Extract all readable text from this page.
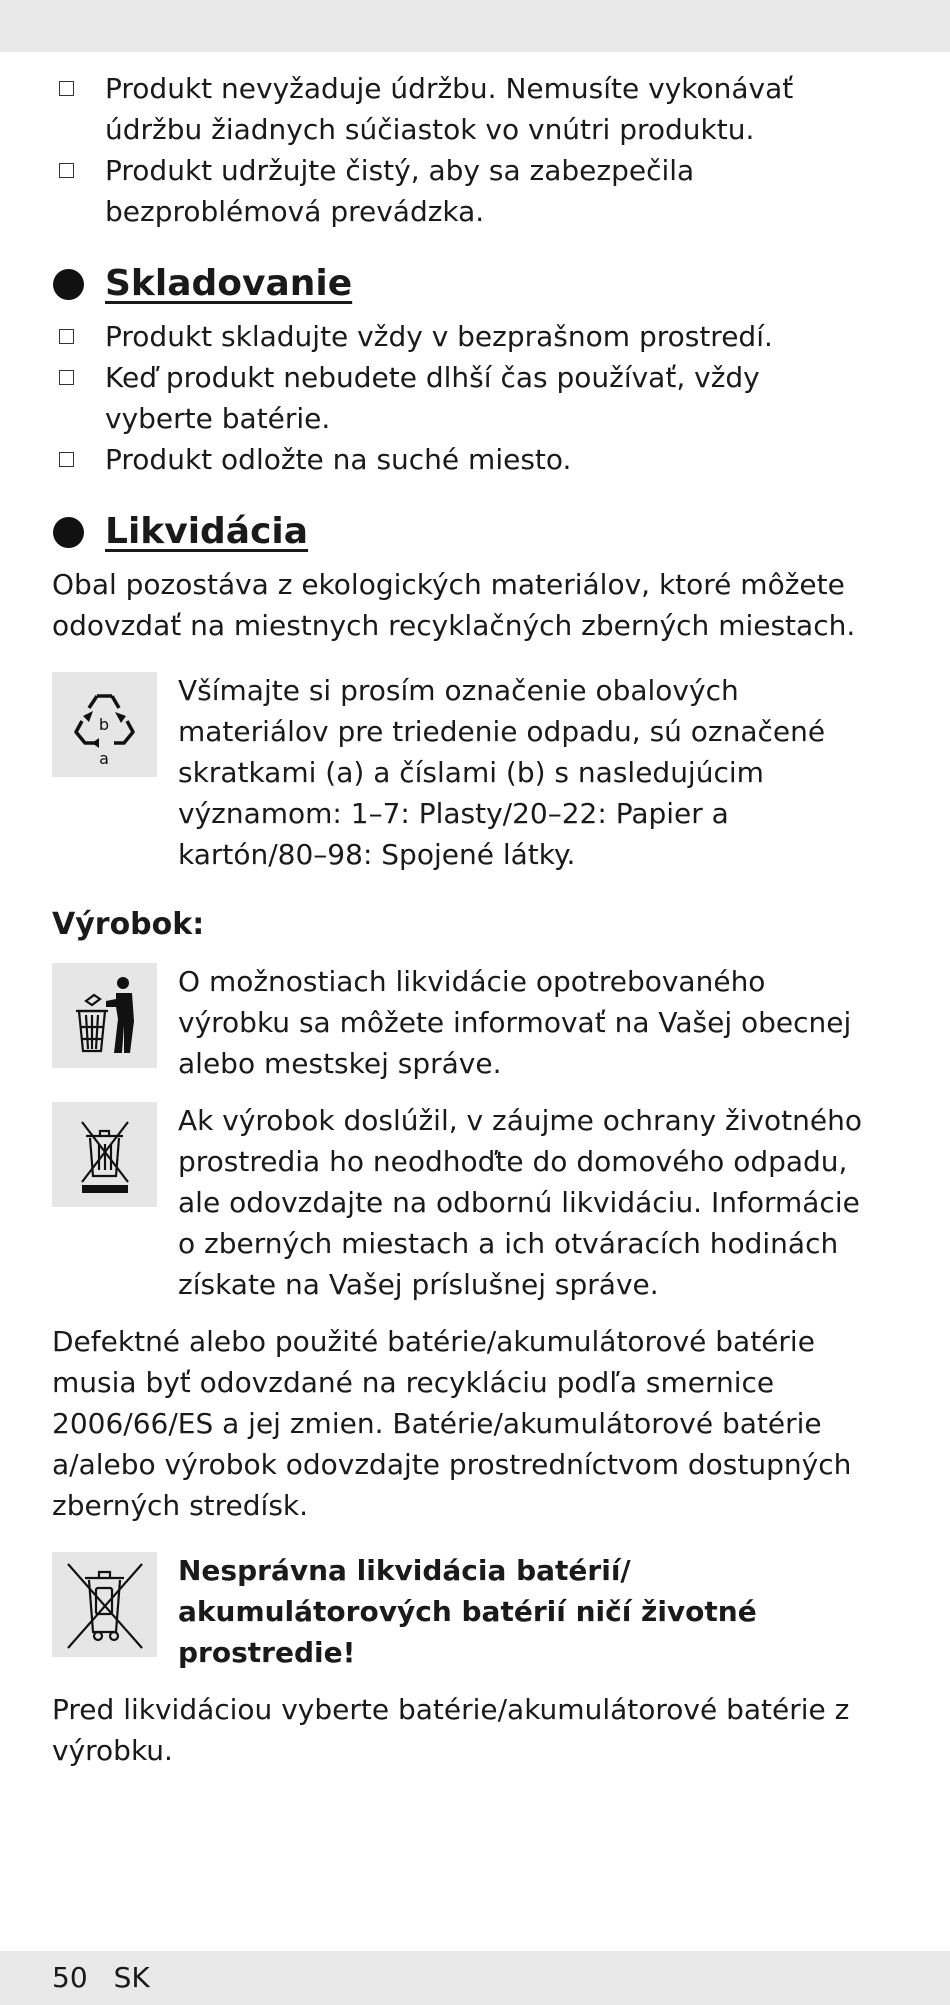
Produkt nevyžaduje údržbu. Nemusíte vykonávať údržbu žiadnych súčiastok vo vnútri produktu.
Produkt udržujte čistý, aby sa zabezpečila bezproblémová prevádzka.
Skladovanie
Produkt skladujte vždy v bezprašnom prostredí.
Keď produkt nebudete dlhší čas používať, vždy vyberte batérie.
Produkt odložte na suché miesto.
Likvidácia

Obal pozostáva z ekologických materiálov, ktoré môžete odovzdať na miestnych recyklačných zberných miestach.

b
a
Všímajte si prosím označenie obalových materiálov pre triedenie odpadu, sú označené skratkami (a) a číslami (b) s nasledujúcim významom: 1–7: Plasty/20–22: Papier a kartón/80–98: Spojené látky.
Výrobok:
O možnostiach likvidácie opotrebovaného výrobku sa môžete informovať na Vašej obecnej alebo mestskej správe.
Ak výrobok doslúžil, v záujme ochrany životného prostredia ho neodhoďte do domového odpadu, ale odovzdajte na odbornú likvidáciu. Informácie o zberných miestach a ich otváracích hodinách získate na Vašej príslušnej správe.

Defektné alebo použité batérie/akumulátorové batérie musia byť odovzdané na recykláciu podľa smernice 2006/66/ES a jej zmien. Batérie/akumulátorové batérie a/alebo výrobok odovzdajte prostredníctvom dostupných zberných stredísk.

Nesprávna likvidácia batérií/ akumulátorových batérií ničí životné prostredie!

Pred likvidáciou vyberte batérie/akumulátorové batérie z výrobku.

50 SK
